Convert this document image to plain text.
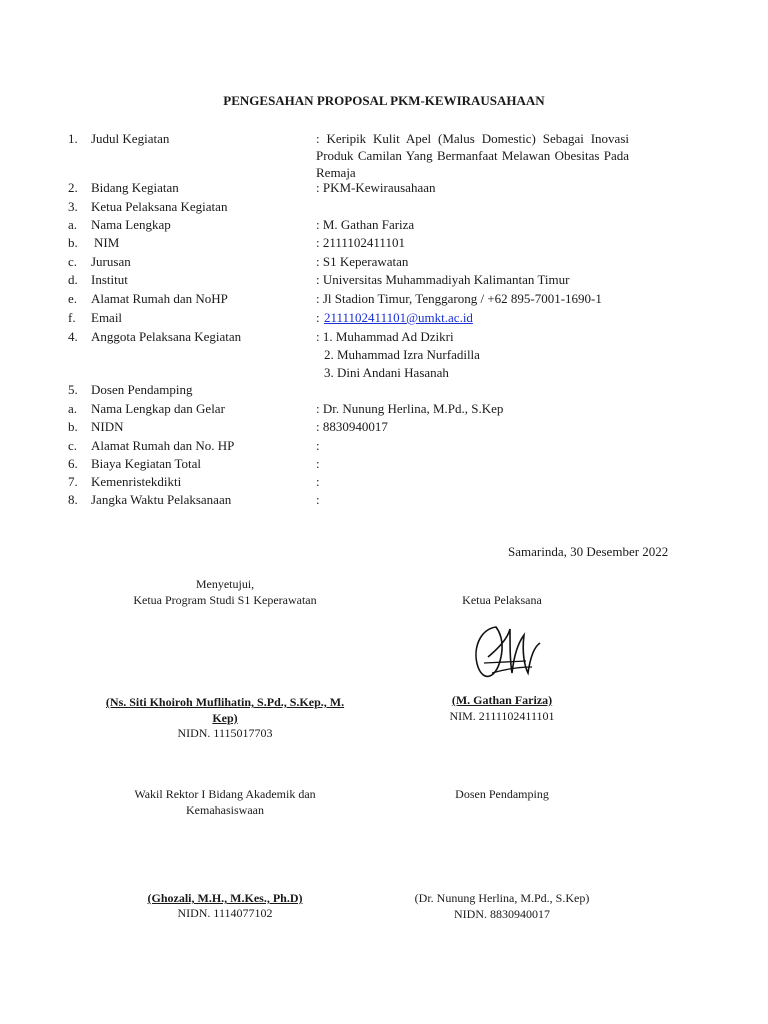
PENGESAHAN PROPOSAL PKM-KEWIRAUSAHAAN
1. Judul Kegiatan	: Keripik Kulit Apel (Malus Domestic) Sebagai Inovasi Produk Camilan Yang Bermanfaat Melawan Obesitas Pada Remaja
2. Bidang Kegiatan	: PKM-Kewirausahaan
3. Ketua Pelaksana Kegiatan
a. Nama Lengkap	: M. Gathan Fariza
b. NIM	: 2111102411101
c. Jurusan	: S1 Keperawatan
d. Institut	: Universitas Muhammadiyah Kalimantan Timur
e. Alamat Rumah dan NoHP	: Jl Stadion Timur, Tenggarong / +62 895-7001-1690-1
f. Email	: 2111102411101@umkt.ac.id
4. Anggota Pelaksana Kegiatan	: 1. Muhammad Ad Dzikri
2. Muhammad Izra Nurfadilla
3. Dini Andani Hasanah
5. Dosen Pendamping
a. Nama Lengkap dan Gelar	: Dr. Nunung Herlina, M.Pd., S.Kep
b. NIDN	: 8830940017
c. Alamat Rumah dan No. HP	:
6. Biaya Kegiatan Total	:
7. Kemenristekdikti	:
8. Jangka Waktu Pelaksanaan	:
Samarinda, 30 Desember 2022
Menyetujui,
Ketua Program Studi S1 Keperawatan
(Ns. Siti Khoiroh Muflihatin, S.Pd., S.Kep., M. Kep)
NIDN. 1115017703
Ketua Pelaksana
(M. Gathan Fariza)
NIM. 2111102411101
Wakil Rektor I Bidang Akademik dan Kemahasiswaan
(Ghozali, M.H., M.Kes., Ph.D)
NIDN. 1114077102
Dosen Pendamping
(Dr. Nunung Herlina, M.Pd., S.Kep)
NIDN. 8830940017
